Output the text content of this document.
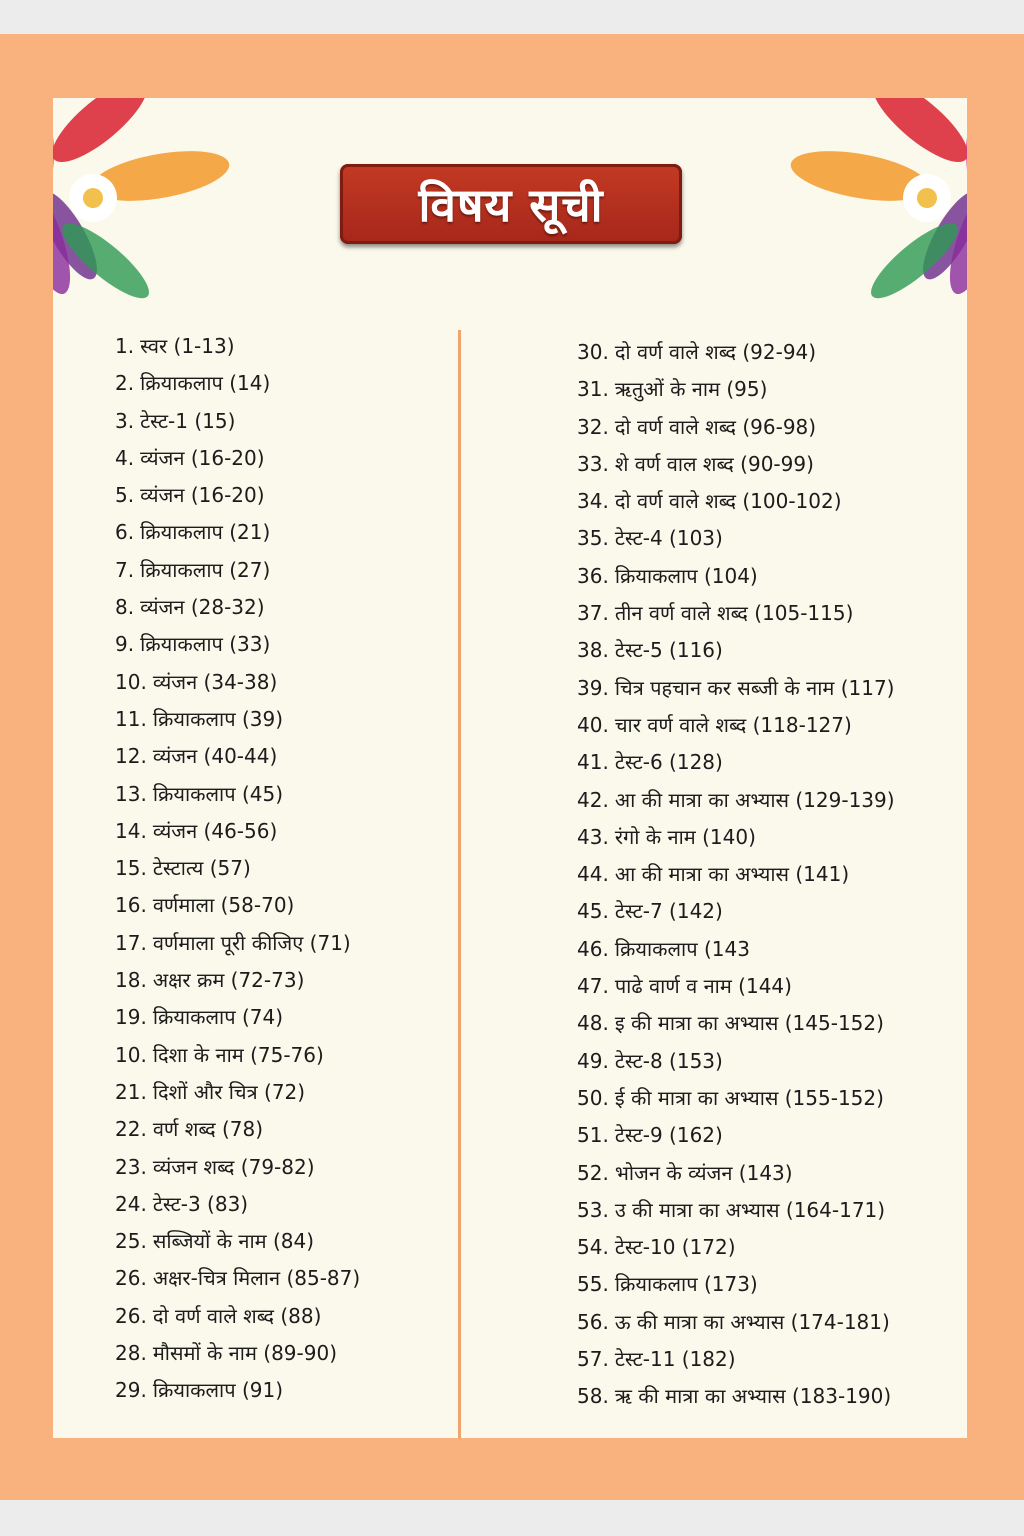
विषय सूची
1. स्वर (1-13)
2. क्रियाकलाप (14)
3. टेस्ट-1 (15)
4. व्यंजन (16-20)
5. व्यंजन (16-20)
6. क्रियाकलाप (21)
7. क्रियाकलाप (27)
8. व्यंजन (28-32)
9. क्रियाकलाप (33)
10. व्यंजन (34-38)
11. क्रियाकलाप (39)
12. व्यंजन (40-44)
13. क्रियाकलाप (45)
14. व्यंजन (46-56)
15. टेस्टात्य (57)
16. वर्णमाला (58-70)
17. वर्णमाला पूरी कीजिए (71)
18. अक्षर क्रम (72-73)
19. क्रियाकलाप (74)
10. दिशा के नाम (75-76)
21. दिशों और चित्र (72)
22. वर्ण शब्द (78)
23. व्यंजन शब्द (79-82)
24. टेस्ट-3 (83)
25. सब्जियों के नाम (84)
26. अक्षर-चित्र मिलान (85-87)
26. दो वर्ण वाले शब्द (88)
28. मौसमों के नाम (89-90)
29. क्रियाकलाप (91)
30. दो वर्ण वाले शब्द (92-94)
31. ऋतुओं के नाम (95)
32. दो वर्ण वाले शब्द (96-98)
33. शे वर्ण वाल शब्द (90-99)
34. दो वर्ण वाले शब्द (100-102)
35. टेस्ट-4 (103)
36. क्रियाकलाप (104)
37. तीन वर्ण वाले शब्द (105-115)
38. टेस्ट-5 (116)
39. चित्र पहचान कर सब्जी के नाम (117)
40. चार वर्ण वाले शब्द (118-127)
41. टेस्ट-6 (128)
42. आ की मात्रा का अभ्यास (129-139)
43. रंगो के नाम (140)
44. आ की मात्रा का अभ्यास (141)
45. टेस्ट-7 (142)
46. क्रियाकलाप (143
47. पाढे वार्ण व नाम (144)
48. इ की मात्रा का अभ्यास (145-152)
49. टेस्ट-8 (153)
50. ई की मात्रा का अभ्यास (155-152)
51. टेस्ट-9 (162)
52. भोजन के व्यंजन (143)
53. उ की मात्रा का अभ्यास (164-171)
54. टेस्ट-10 (172)
55. क्रियाकलाप (173)
56. ऊ की मात्रा का अभ्यास (174-181)
57. टेस्ट-11 (182)
58. ऋ की मात्रा का अभ्यास (183-190)
